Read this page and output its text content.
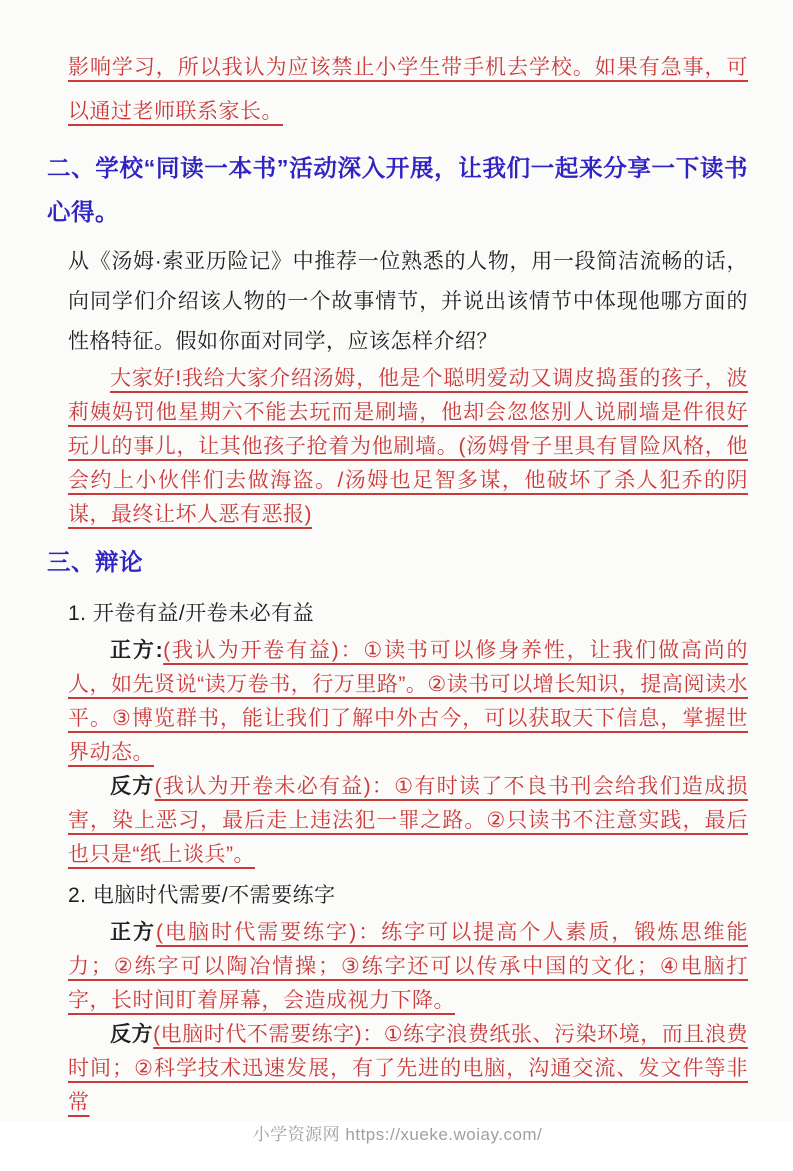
影响学习，所以我认为应该禁止小学生带手机去学校。如果有急事，可以通过老师联系家长。

二、学校“同读一本书”活动深入开展，让我们一起来分享一下读书心得。

从《汤姆·索亚历险记》中推荐一位熟悉的人物，用一段简洁流畅的话，向同学们介绍该人物的一个故事情节，并说出该情节中体现他哪方面的性格特征。假如你面对同学，应该怎样介绍？

大家好!我给大家介绍汤姆，他是个聪明爱动又调皮捣蛋的孩子，波莉姨妈罚他星期六不能去玩而是刷墙，他却会忽悠别人说刷墙是件很好玩儿的事儿，让其他孩子抢着为他刷墙。(汤姆骨子里具有冒险风格，他会约上小伙伴们去做海盗。/汤姆也足智多谋，他破坏了杀人犯乔的阴谋，最终让坏人恶有恶报)

三、辩论

1. 开卷有益/开卷未必有益

正方:(我认为开卷有益)：①读书可以修身养性，让我们做高尚的人，如先贤说“读万卷书，行万里路”。②读书可以增长知识，提高阅读水平。③博览群书，能让我们了解中外古今，可以获取天下信息，掌握世界动态。

反方(我认为开卷未必有益)：①有时读了不良书刊会给我们造成损害，染上恶习，最后走上违法犯一罪之路。②只读书不注意实践，最后也只是“纸上谈兵”。

2. 电脑时代需要/不需要练字

正方(电脑时代需要练字)：练字可以提高个人素质，锻炼思维能力；②练字可以陶冶情操；③练字还可以传承中国的文化；④电脑打字，长时间盯着屏幕，会造成视力下降。

反方(电脑时代不需要练字)：①练字浪费纸张、污染环境，而且浪费时间；②科学技术迅速发展，有了先进的电脑，沟通交流、发文件等非常

小学资源网 https://xueke.woiay.com/
